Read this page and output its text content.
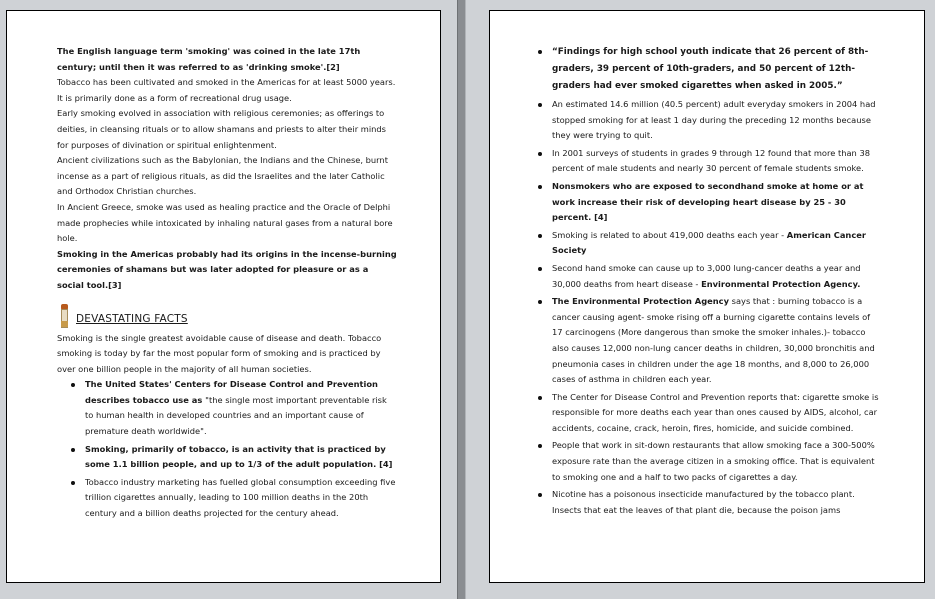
The English language term 'smoking' was coined in the late 17th century; until then it was referred to as 'drinking smoke'.[2]

Tobacco has been cultivated and smoked in the Americas for at least 5000 years. It is primarily done as a form of recreational drug usage.

Early smoking evolved in association with religious ceremonies; as offerings to deities, in cleansing rituals or to allow shamans and priests to alter their minds for purposes of divination or spiritual enlightenment.

Ancient civilizations such as the Babylonian, the Indians and the Chinese, burnt incense as a part of religious rituals, as did the Israelites and the later Catholic and Orthodox Christian churches.

In Ancient Greece, smoke was used as healing practice and the Oracle of Delphi made prophecies while intoxicated by inhaling natural gases from a natural bore hole.

Smoking in the Americas probably had its origins in the incense-burning ceremonies of shamans but was later adopted for pleasure or as a social tool.[3]

DEVASTATING FACTS

Smoking is the single greatest avoidable cause of disease and death. Tobacco smoking is today by far the most popular form of smoking and is practiced by over one billion people in the majority of all human societies.

The United States' Centers for Disease Control and Prevention describes tobacco use as "the single most important preventable risk to human health in developed countries and an important cause of premature death worldwide".
Smoking, primarily of tobacco, is an activity that is practiced by some 1.1 billion people, and up to 1/3 of the adult population. [4]
Tobacco industry marketing has fuelled global consumption exceeding five trillion cigarettes annually, leading to 100 million deaths in the 20th century and a billion deaths projected for the century ahead.
“Findings for high school youth indicate that 26 percent of 8th-graders, 39 percent of 10th-graders, and 50 percent of 12th-graders had ever smoked cigarettes when asked in 2005.”
An estimated 14.6 million (40.5 percent) adult everyday smokers in 2004 had stopped smoking for at least 1 day during the preceding 12 months because they were trying to quit.
In 2001 surveys of students in grades 9 through 12 found that more than 38 percent of male students and nearly 30 percent of female students smoke.
Nonsmokers who are exposed to secondhand smoke at home or at work increase their risk of developing heart disease by 25 - 30 percent. [4]
Smoking is related to about 419,000 deaths each year - American Cancer Society
Second hand smoke can cause up to 3,000 lung-cancer deaths a year and 30,000 deaths from heart disease - Environmental Protection Agency.
The Environmental Protection Agency says that : burning tobacco is a cancer causing agent- smoke rising off a burning cigarette contains levels of 17 carcinogens (More dangerous than smoke the smoker inhales.)- tobacco also causes 12,000 non-lung cancer deaths in children, 30,000 bronchitis and pneumonia cases in children under the age 18 months, and 8,000 to 26,000 cases of asthma in children each year.
The Center for Disease Control and Prevention reports that: cigarette smoke is responsible for more deaths each year than ones caused by AIDS, alcohol, car accidents, cocaine, crack, heroin, fires, homicide, and suicide combined.
People that work in sit-down restaurants that allow smoking face a 300-500% exposure rate than the average citizen in a smoking office. That is equivalent to smoking one and a half to two packs of cigarettes a day.
Nicotine has a poisonous insecticide manufactured by the tobacco plant. Insects that eat the leaves of that plant die, because the poison jams
